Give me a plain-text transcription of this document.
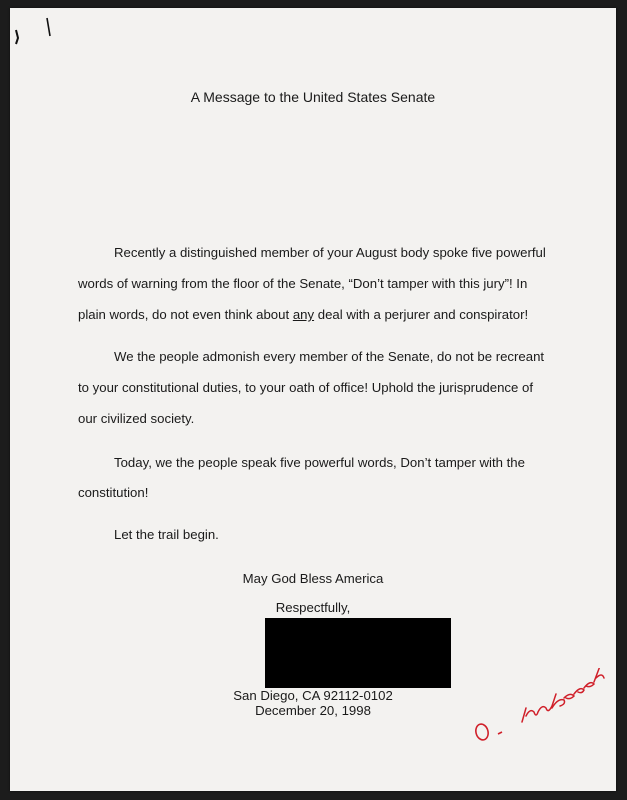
A Message to the United States Senate
Recently a distinguished member of your August body spoke five powerful
words of warning from the floor of the Senate, “Don’t tamper with this jury”! In
plain words, do not even think about any deal with a perjurer and conspirator!
We the people admonish every member of the Senate, do not be recreant
to your constitutional duties, to your oath of office! Uphold the jurisprudence of
our civilized society.
Today, we the people speak five powerful words, Don’t tamper with the
constitution!
Let the trail begin.
May God Bless America
Respectfully,
San Diego, CA 92112-0102
December 20, 1998
